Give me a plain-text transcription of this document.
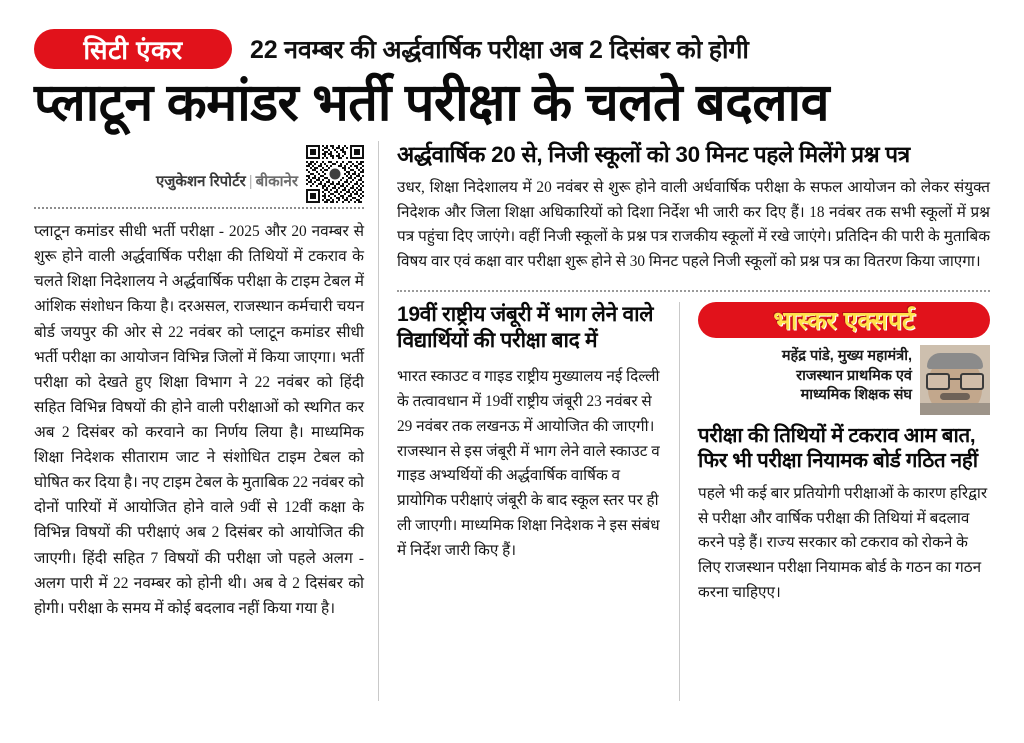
सिटी एंकर	22 नवम्बर की अर्द्धवार्षिक परीक्षा अब 2 दिसंबर को होगी
प्लाटून कमांडर भर्ती परीक्षा के चलते बदलाव
एजुकेशन रिपोर्टर | बीकानेर
प्लाटून कमांडर सीधी भर्ती परीक्षा - 2025 और 20 नवम्बर से शुरू होने वाली अर्द्धवार्षिक परीक्षा की तिथियों में टकराव के चलते शिक्षा निदेशालय ने अर्द्धवार्षिक परीक्षा के टाइम टेबल में आंशिक संशोधन किया है। दरअसल, राजस्थान कर्मचारी चयन बोर्ड जयपुर की ओर से 22 नवंबर को प्लाटून कमांडर सीधी भर्ती परीक्षा का आयोजन विभिन्न जिलों में किया जाएगा। भर्ती परीक्षा को देखते हुए शिक्षा विभाग ने 22 नवंबर को हिंदी सहित विभिन्न विषयों की होने वाली परीक्षाओं को स्थगित कर अब 2 दिसंबर को करवाने का निर्णय लिया है। माध्यमिक शिक्षा निदेशक सीताराम जाट ने संशोधित टाइम टेबल को घोषित कर दिया है। नए टाइम टेबल के मुताबिक 22 नवंबर को दोनों पारियों में आयोजित होने वाले 9वीं से 12वीं कक्षा के विभिन्न विषयों की परीक्षाएं अब 2 दिसंबर को आयोजित की जाएगी। हिंदी सहित 7 विषयों की परीक्षा जो पहले अलग - अलग पारी में 22 नवम्बर को होनी थी। अब वे 2 दिसंबर को होगी। परीक्षा के समय में कोई बदलाव नहीं किया गया है।
अर्द्धवार्षिक 20 से, निजी स्कूलों को 30 मिनट पहले मिलेंगे प्रश्न पत्र
उधर, शिक्षा निदेशालय में 20 नवंबर से शुरू होने वाली अर्धवार्षिक परीक्षा के सफल आयोजन को लेकर संयुक्त निदेशक और जिला शिक्षा अधिकारियों को दिशा निर्देश भी जारी कर दिए हैं। 18 नवंबर तक सभी स्कूलों में प्रश्न पत्र पहुंचा दिए जाएंगे। वहीं निजी स्कूलों के प्रश्न पत्र राजकीय स्कूलों में रखे जाएंगे। प्रतिदिन की पारी के मुताबिक विषय वार एवं कक्षा वार परीक्षा शुरू होने से 30 मिनट पहले निजी स्कूलों को प्रश्न पत्र का वितरण किया जाएगा।
19वीं राष्ट्रीय जंबूरी में भाग लेने वाले विद्यार्थियों की परीक्षा बाद में
भारत स्काउट व गाइड राष्ट्रीय मुख्यालय नई दिल्ली के तत्वावधान में 19वीं राष्ट्रीय जंबूरी 23 नवंबर से 29 नवंबर तक लखनऊ में आयोजित की जाएगी। राजस्थान से इस जंबूरी में भाग लेने वाले स्काउट व गाइड अभ्यर्थियों की अर्द्धवार्षिक वार्षिक व प्रायोगिक परीक्षाएं जंबूरी के बाद स्कूल स्तर पर ही ली जाएगी। माध्यमिक शिक्षा निदेशक ने इस संबंध में निर्देश जारी किए हैं।
भास्कर एक्सपर्ट
महेंद्र पांडे, मुख्य महामंत्री,
राजस्थान प्राथमिक एवं
माध्यमिक शिक्षक संघ
परीक्षा की तिथियों में टकराव आम बात, फिर भी परीक्षा नियामक बोर्ड गठित नहीं
पहले भी कई बार प्रतियोगी परीक्षाओं के कारण हरिद्वार से परीक्षा और वार्षिक परीक्षा की तिथियां में बदलाव करने पड़े हैं। राज्य सरकार को टकराव को रोकने के लिए राजस्थान परीक्षा नियामक बोर्ड के गठन का गठन करना चाहिएए।
